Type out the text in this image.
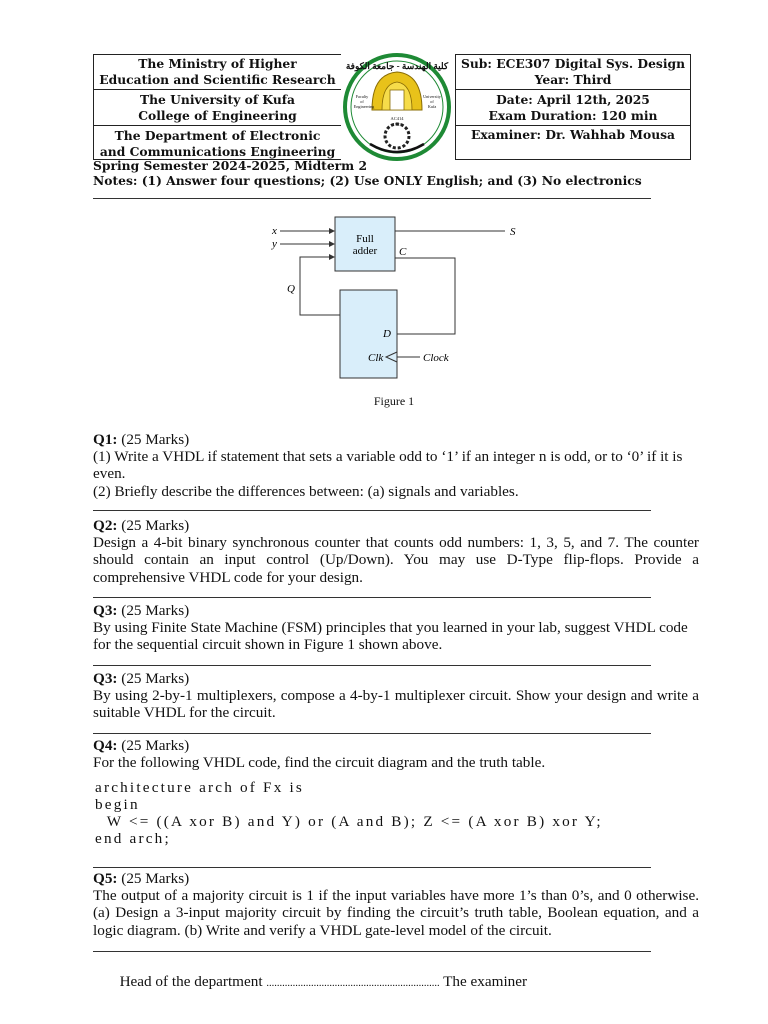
The Ministry of Higher
Education and Scientific Research
The University of Kufa
College of Engineering
The Department of Electronic
and Communications Engineering
Sub: ECE307 Digital Sys. Design
Year: Third
Date: April 12th, 2025
Exam Duration: 120 min
Examiner: Dr. Wahhab Mousa
كلية الهندسة - جامعة الكوفة
Faculty
of
Engineering
University
of
Kufa
AC414
1993
Spring Semester 2024-2025, Midterm 2
Notes: (1) Answer four questions; (2) Use ONLY English; and (3) No electronics
Full
adder C
D
Clk
x
y
S
Q
Clock
Figure 1

Q1: (25 Marks)

(1) Write a VHDL if statement that sets a variable odd to ‘1’ if an integer n is odd, or to ‘0’ if it is even.

(2) Briefly describe the differences between: (a) signals and variables.

Q2: (25 Marks)

Design a 4-bit binary synchronous counter that counts odd numbers: 1, 3, 5, and 7. The counter should contain an input control (Up/Down). You may use D-Type flip-flops. Provide a comprehensive VHDL code for your design.

Q3: (25 Marks)

By using Finite State Machine (FSM) principles that you learned in your lab, suggest VHDL code for the sequential circuit shown in Figure 1 shown above.

Q3: (25 Marks)

By using 2-by-1 multiplexers, compose a 4-by-1 multiplexer circuit. Show your design and write a suitable VHDL for the circuit.

Q4: (25 Marks)

For the following VHDL code, find the circuit diagram and the truth table.

architecture arch of Fx is
begin
W <= ((A xor B) and Y) or (A and B); Z <= (A xor B) xor Y;
end arch;

Q5: (25 Marks)

The output of a majority circuit is 1 if the input variables have more 1’s than 0’s, and 0 otherwise. (a) Design a 3-input majority circuit by finding the circuit’s truth table, Boolean equation, and a logic diagram. (b) Write and verify a VHDL gate-level model of the circuit.

Head of the department .................................................................. The examiner
